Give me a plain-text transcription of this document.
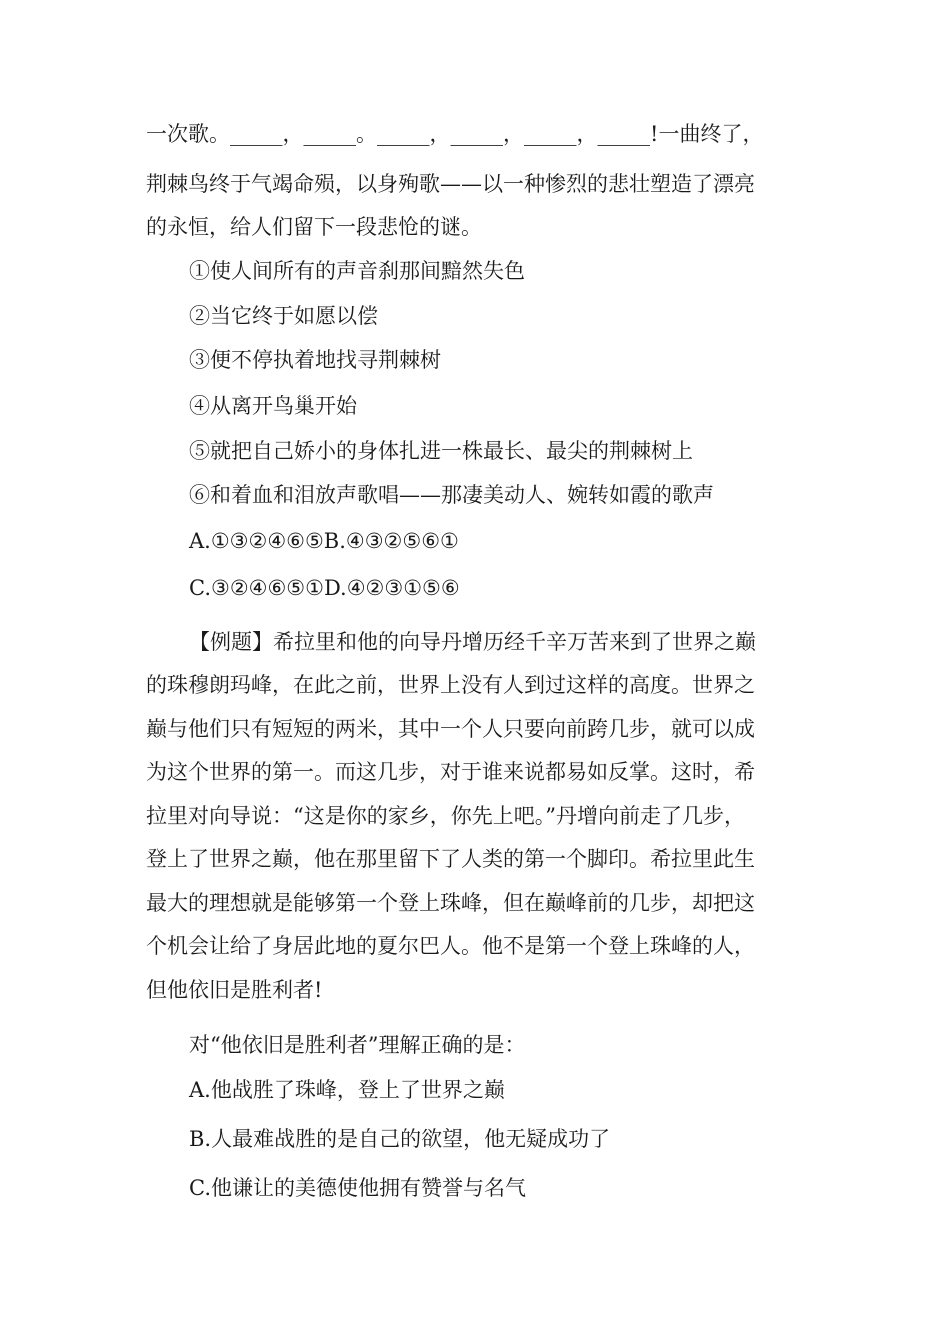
一次歌。_____，_____。_____，_____，_____，_____!一曲终了，
荆棘鸟终于气竭命殒，以身殉歌——以一种惨烈的悲壮塑造了漂亮
的永恒，给人们留下一段悲怆的谜。
①使人间所有的声音刹那间黯然失色
②当它终于如愿以偿
③便不停执着地找寻荆棘树
④从离开鸟巢开始
⑤就把自己娇小的身体扎进一株最长、最尖的荆棘树上
⑥和着血和泪放声歌唱——那凄美动人、婉转如霞的歌声
A.①③②④⑥⑤B.④③②⑤⑥①
C.③②④⑥⑤①D.④②③①⑤⑥
【例题】希拉里和他的向导丹增历经千辛万苦来到了世界之巅
的珠穆朗玛峰，在此之前，世界上没有人到过这样的高度。世界之
巅与他们只有短短的两米，其中一个人只要向前跨几步，就可以成
为这个世界的第一。而这几步，对于谁来说都易如反掌。这时，希
拉里对向导说：“这是你的家乡，你先上吧。”丹增向前走了几步，
登上了世界之巅，他在那里留下了人类的第一个脚印。希拉里此生
最大的理想就是能够第一个登上珠峰，但在巅峰前的几步，却把这
个机会让给了身居此地的夏尔巴人。他不是第一个登上珠峰的人，
但他依旧是胜利者!
对“他依旧是胜利者”理解正确的是：
A.他战胜了珠峰，登上了世界之巅
B.人最难战胜的是自己的欲望，他无疑成功了
C.他谦让的美德使他拥有赞誉与名气
